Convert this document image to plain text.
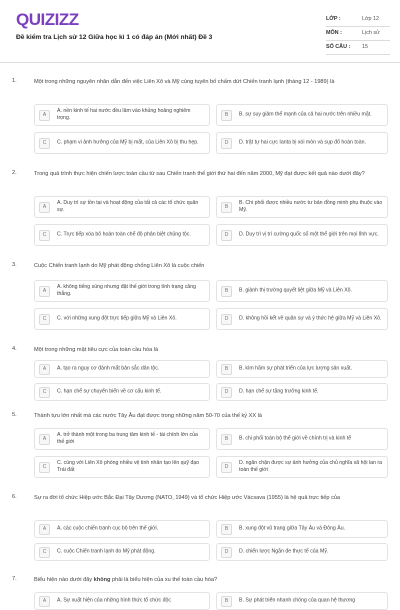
QUIZIZZ
Đề kiểm tra Lịch sử 12 Giữa học kì 1 có đáp án (Mới nhất) Đề 3
LỚP :	Lớp 12
MÔN :	Lịch sử
SỐ CÂU : 15
1.	Một trong những nguyên nhân dẫn đến việc Liên Xô và Mỹ cùng tuyên bố chấm dứt Chiến tranh lạnh (tháng 12 - 1989) là
A
A. nền kinh tế hai nước đều lâm vào khủng hoảng nghiêm trọng.	B	B. sự suy giảm thế mạnh của cả hai nước trên nhiều mặt.
C	C. phạm vi ảnh hưởng của Mỹ bị mất, của Liên Xô bị thu hẹp.	D	D. trật tự hai cực Ianta bị xói mòn và sụp đổ hoàn toàn.
2.	Trong quá trình thực hiện chiến lược toàn cầu từ sau Chiến tranh thế giới thứ hai đến năm 2000, Mỹ đạt được kết quả nào dưới đây?
A
A. Duy trì sự tồn tại và hoạt động của tất cả các tổ chức quân sự.	B
B. Chi phối được nhiều nước tư bản đồng minh phụ thuộc vào Mỹ.
C	C. Trực tiếp xóa bỏ hoàn toàn chế độ phân biệt chủng tộc.	D	D. Duy trì vị trí cường quốc số một thế giới trên mọi lĩnh vực.
3.	Cuộc Chiến tranh lạnh do Mỹ phát động chống Liên Xô là cuộc chiến
A
A. không tiếng súng nhưng đặt thế giới trong tình trạng căng thẳng.	B	B. giành thị trường quyết liệt giữa Mỹ và Liên Xô.
C	C. với những xung đột trực tiếp giữa Mỹ và Liên Xô.	D	D. không hồi kết về quân sự và ý thức hệ giữa Mỹ và Liên Xô.
4.	Một trong những mặt tiêu cực của toàn cầu hóa là
A	A. tạo ra nguy cơ đánh mất bản sắc dân tộc.	B	B. kìm hãm sự phát triển của lực lượng sản xuất.
C	C. hạn chế sự chuyển biến về cơ cấu kinh tế.	D	D. hạn chế sự tăng trưởng kinh tế.
5.	Thành tựu lớn nhất mà các nước Tây Âu đạt được trong những năm 50-70 của thế kỷ XX là
A
A. trở thành một trong ba trung tâm kinh tế - tài chính lớn của thế giới	B	B. chi phối toàn bộ thế giới về chính trị và kinh tế
C
C. cùng với Liên Xô phóng nhiều vệ tinh nhân tạo lên quỹ đạo Trái đất	D
D. ngăn chặn được sự ảnh hưởng của chủ nghĩa xã hội lan ra toàn thế giới
6.	Sự ra đời tổ chức Hiệp ước Bắc Đại Tây Dương (NATO, 1949) và tổ chức Hiệp ước Vácsava (1955) là hệ quả trực tiếp của
A	A. các cuộc chiến tranh cục bộ trên thế giới.	B	B. xung đột vũ trang giữa Tây Âu và Đông Âu.
C	C. cuộc Chiến tranh lạnh do Mỹ phát động.	D	D. chiến lược Ngăn đe thực tế của Mỹ.
7.	Biểu hiện nào dưới đây không phải là biểu hiện của xu thế toàn cầu hóa?
A	A. Sự xuất hiện của những hình thức tổ chức độc	B	B. Sự phát triển nhanh chóng của quan hệ thương
